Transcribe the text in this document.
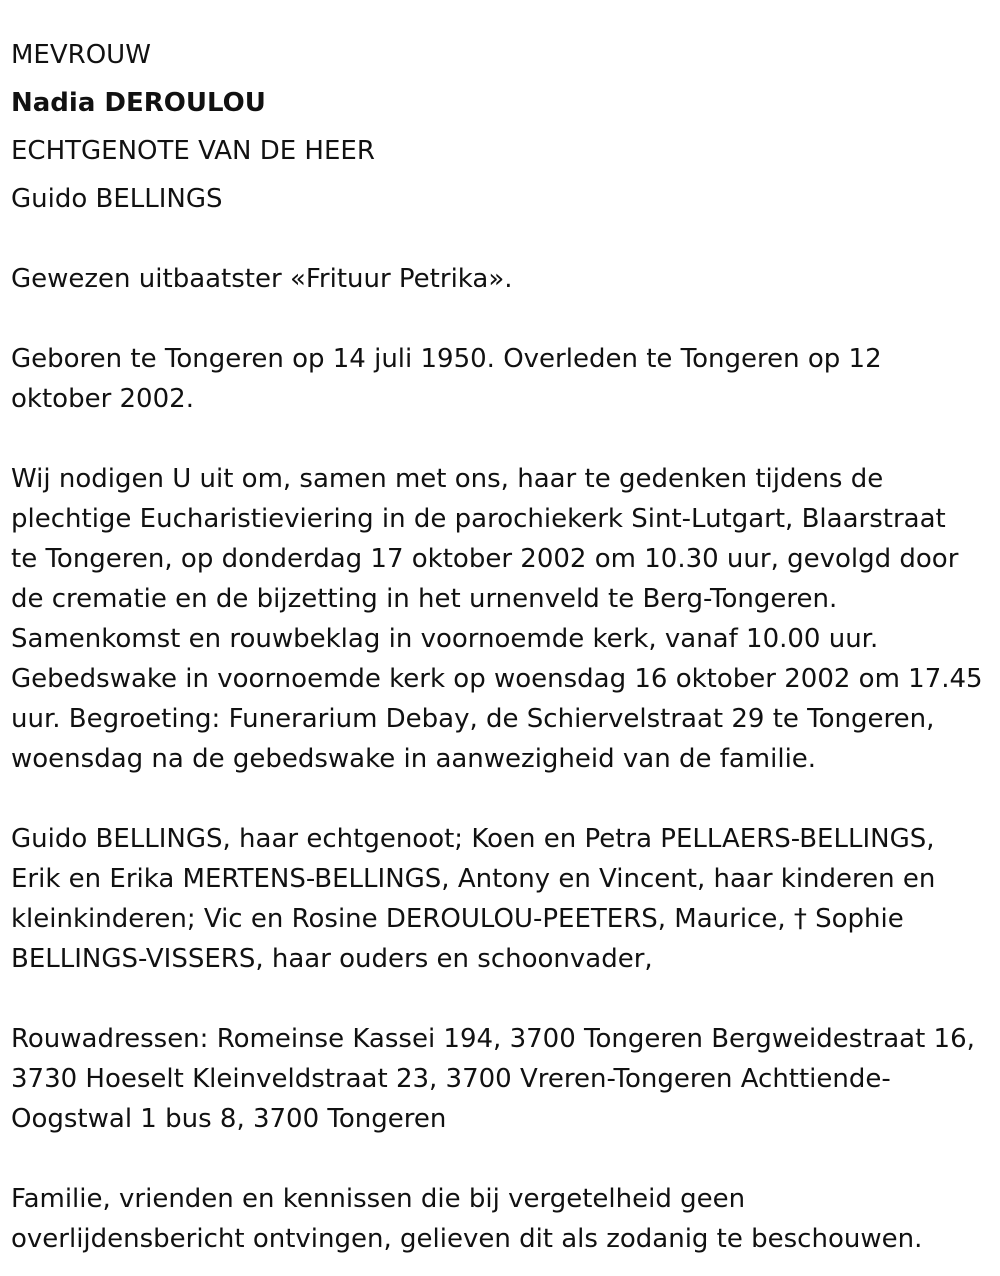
MEVROUW
Nadia DEROULOU
ECHTGENOTE VAN DE HEER
Guido BELLINGS
Gewezen uitbaatster «Frituur Petrika».
Geboren te Tongeren op 14 juli 1950. Overleden te Tongeren op 12
oktober 2002.
Wij nodigen U uit om, samen met ons, haar te gedenken tijdens de
plechtige Eucharistieviering in de parochiekerk Sint-Lutgart, Blaarstraat
te Tongeren, op donderdag 17 oktober 2002 om 10.30 uur, gevolgd door
de crematie en de bijzetting in het urnenveld te Berg-Tongeren.
Samenkomst en rouwbeklag in voornoemde kerk, vanaf 10.00 uur.
Gebedswake in voornoemde kerk op woensdag 16 oktober 2002 om 17.45
uur. Begroeting: Funerarium Debay, de Schiervelstraat 29 te Tongeren,
woensdag na de gebedswake in aanwezigheid van de familie.
Guido BELLINGS, haar echtgenoot; Koen en Petra PELLAERS-BELLINGS,
Erik en Erika MERTENS-BELLINGS, Antony en Vincent, haar kinderen en
kleinkinderen; Vic en Rosine DEROULOU-PEETERS, Maurice, † Sophie
BELLINGS-VISSERS, haar ouders en schoonvader,
Rouwadressen: Romeinse Kassei 194, 3700 Tongeren Bergweidestraat 16,
3730 Hoeselt Kleinveldstraat 23, 3700 Vreren-Tongeren Achttiende-
Oogstwal 1 bus 8, 3700 Tongeren
Familie, vrienden en kennissen die bij vergetelheid geen
overlijdensbericht ontvingen, gelieven dit als zodanig te beschouwen.
